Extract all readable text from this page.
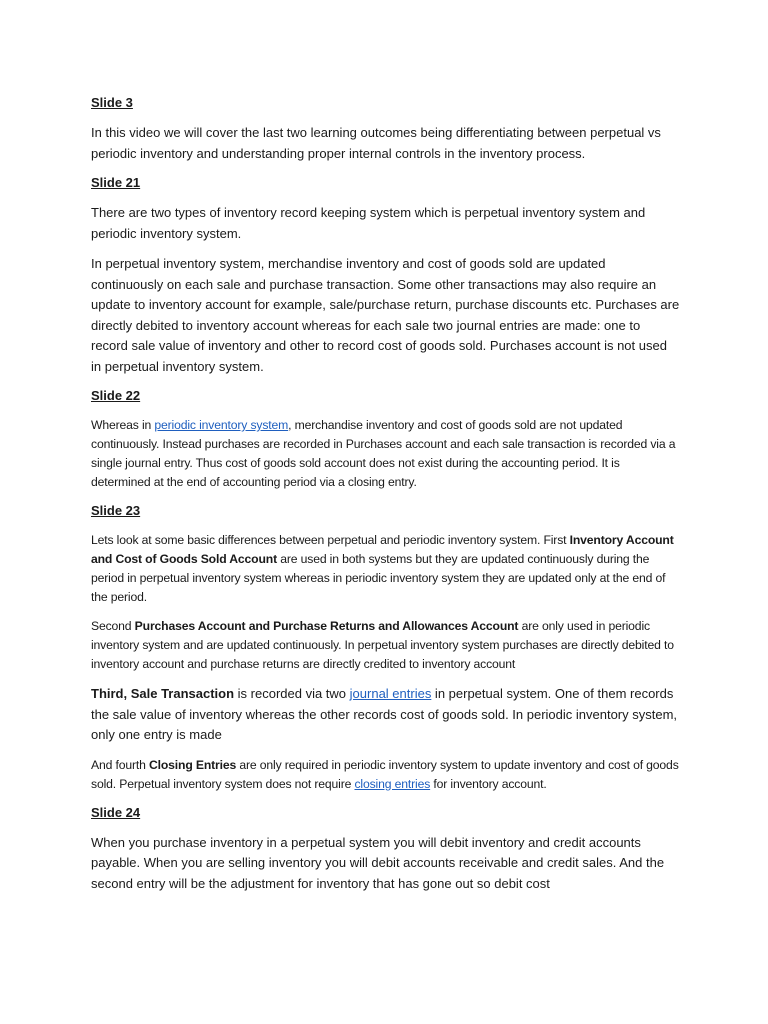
Slide 3

In this video we will cover the last two learning outcomes being differentiating between perpetual vs periodic inventory and understanding proper internal controls in the inventory process.

Slide 21

There are two types of inventory record keeping system which is perpetual inventory system and periodic inventory system.

In perpetual inventory system, merchandise inventory and cost of goods sold are updated continuously on each sale and purchase transaction. Some other transactions may also require an update to inventory account for example, sale/purchase return, purchase discounts etc. Purchases are directly debited to inventory account whereas for each sale two journal entries are made: one to record sale value of inventory and other to record cost of goods sold. Purchases account is not used in perpetual inventory system.

Slide 22

Whereas in periodic inventory system, merchandise inventory and cost of goods sold are not updated continuously. Instead purchases are recorded in Purchases account and each sale transaction is recorded via a single journal entry. Thus cost of goods sold account does not exist during the accounting period. It is determined at the end of accounting period via a closing entry.

Slide 23

Lets look at some basic differences between perpetual and periodic inventory system. First Inventory Account and Cost of Goods Sold Account are used in both systems but they are updated continuously during the period in perpetual inventory system whereas in periodic inventory system they are updated only at the end of the period.

Second Purchases Account and Purchase Returns and Allowances Account are only used in periodic inventory system and are updated continuously. In perpetual inventory system purchases are directly debited to inventory account and purchase returns are directly credited to inventory account

Third, Sale Transaction is recorded via two journal entries in perpetual system. One of them records the sale value of inventory whereas the other records cost of goods sold. In periodic inventory system, only one entry is made

And fourth Closing Entries are only required in periodic inventory system to update inventory and cost of goods sold. Perpetual inventory system does not require closing entries for inventory account.

Slide 24

When you purchase inventory in a perpetual system you will debit inventory and credit accounts payable. When you are selling inventory you will debit accounts receivable and credit sales. And the second entry will be the adjustment for inventory that has gone out so debit cost
